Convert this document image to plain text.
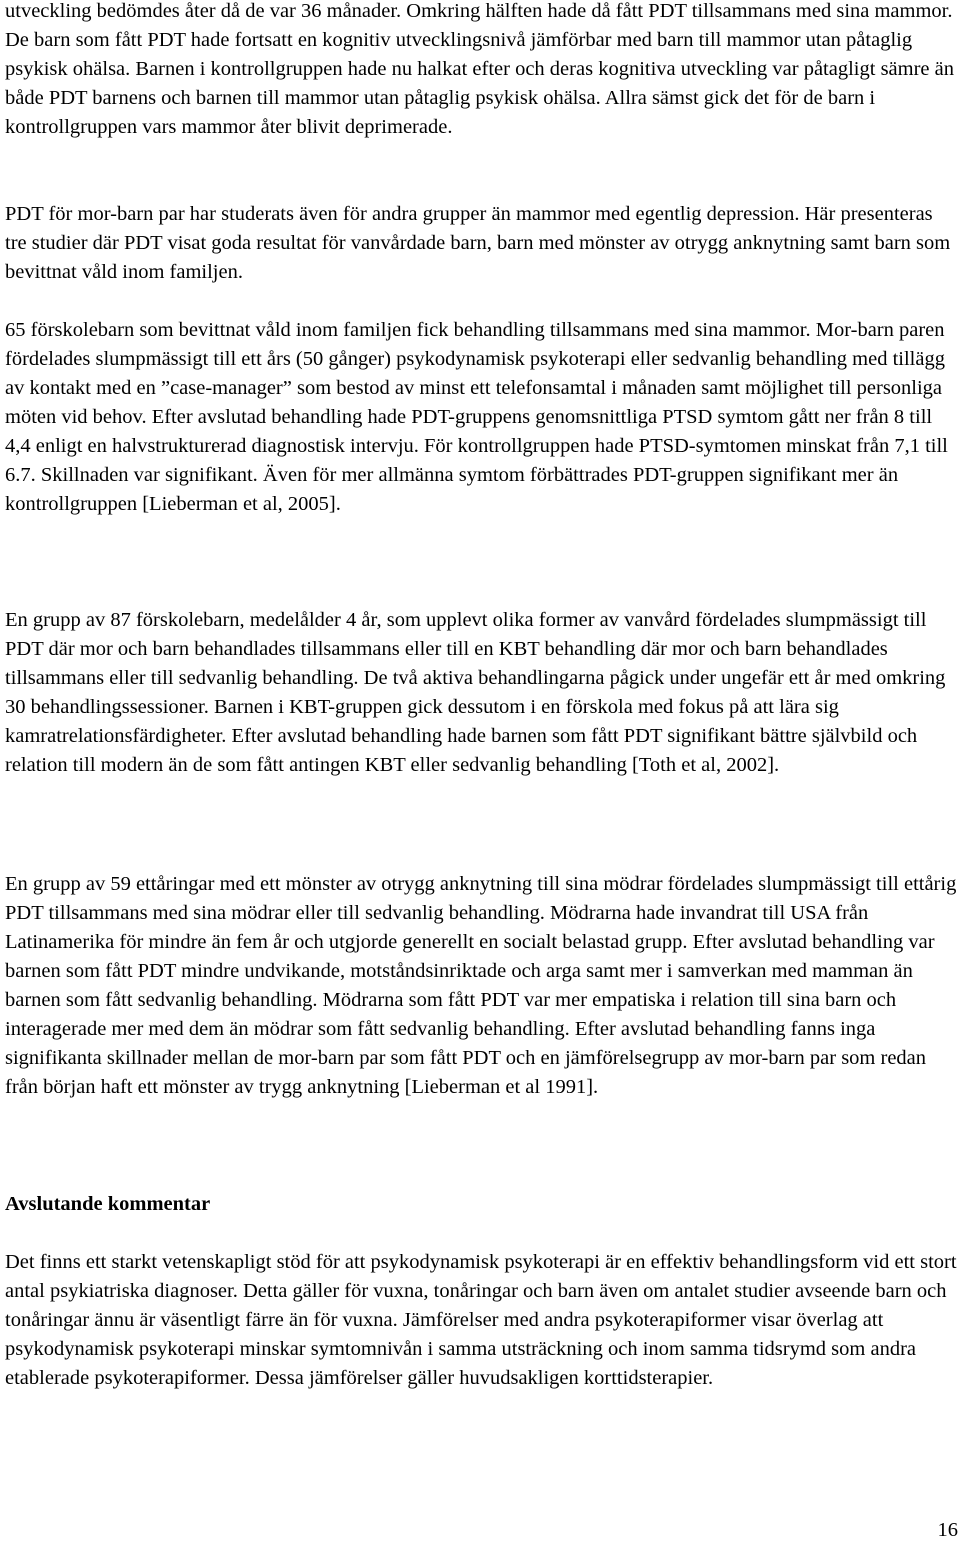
utveckling bedömdes åter då de var 36 månader. Omkring hälften hade då fått PDT tillsammans med sina mammor. De barn som fått PDT hade fortsatt en kognitiv utvecklingsnivå jämförbar med barn till mammor utan påtaglig psykisk ohälsa. Barnen i kontrollgruppen hade nu halkat efter och deras kognitiva utveckling var påtagligt sämre än både PDT barnens och barnen till mammor utan påtaglig psykisk ohälsa. Allra sämst gick det för de barn i kontrollgruppen vars mammor åter blivit deprimerade.

PDT för mor-barn par har studerats även för andra grupper än mammor med egentlig depression. Här presenteras tre studier där PDT visat goda resultat för vanvårdade barn, barn med mönster av otrygg anknytning samt barn som bevittnat våld inom familjen.

65 förskolebarn som bevittnat våld inom familjen fick behandling tillsammans med sina mammor. Mor-barn paren fördelades slumpmässigt till ett års (50 gånger) psykodynamisk psykoterapi eller sedvanlig behandling med tillägg av kontakt med en ”case-manager” som bestod av minst ett telefonsamtal i månaden samt möjlighet till personliga möten vid behov. Efter avslutad behandling hade PDT-gruppens genomsnittliga PTSD symtom gått ner från 8 till 4,4 enligt en halvstrukturerad diagnostisk intervju. För kontrollgruppen hade PTSD-symtomen minskat från 7,1 till 6.7. Skillnaden var signifikant. Även för mer allmänna symtom förbättrades PDT-gruppen signifikant mer än kontrollgruppen [Lieberman et al, 2005].

En grupp av 87 förskolebarn, medelålder 4 år, som upplevt olika former av vanvård fördelades slumpmässigt till PDT där mor och barn behandlades tillsammans eller till en KBT behandling där mor och barn behandlades tillsammans eller till sedvanlig behandling. De två aktiva behandlingarna pågick under ungefär ett år med omkring 30 behandlingssessioner. Barnen i KBT-gruppen gick dessutom i en förskola med fokus på att lära sig kamratrelationsfärdigheter. Efter avslutad behandling hade barnen som fått PDT signifikant bättre självbild och relation till modern än de som fått antingen KBT eller sedvanlig behandling [Toth et al, 2002].

En grupp av 59 ettåringar med ett mönster av otrygg anknytning till sina mödrar fördelades slumpmässigt till ettårig PDT tillsammans med sina mödrar eller till sedvanlig behandling. Mödrarna hade invandrat till USA från Latinamerika för mindre än fem år och utgjorde generellt en socialt belastad grupp. Efter avslutad behandling var barnen som fått PDT mindre undvikande, motståndsinriktade och arga samt mer i samverkan med mamman än barnen som fått sedvanlig behandling. Mödrarna som fått PDT var mer empatiska i relation till sina barn och interagerade mer med dem än mödrar som fått sedvanlig behandling. Efter avslutad behandling fanns inga signifikanta skillnader mellan de mor-barn par som fått PDT och en jämförelsegrupp av mor-barn par som redan från början haft ett mönster av trygg anknytning [Lieberman et al 1991].

Avslutande kommentar

Det finns ett starkt vetenskapligt stöd för att psykodynamisk psykoterapi är en effektiv behandlingsform vid ett stort antal psykiatriska diagnoser. Detta gäller för vuxna, tonåringar och barn även om antalet studier avseende barn och tonåringar ännu är väsentligt färre än för vuxna. Jämförelser med andra psykoterapiformer visar överlag att psykodynamisk psykoterapi minskar symtomnivån i samma utsträckning och inom samma tidsrymd som andra etablerade psykoterapiformer. Dessa jämförelser gäller huvudsakligen korttidsterapier.

16
